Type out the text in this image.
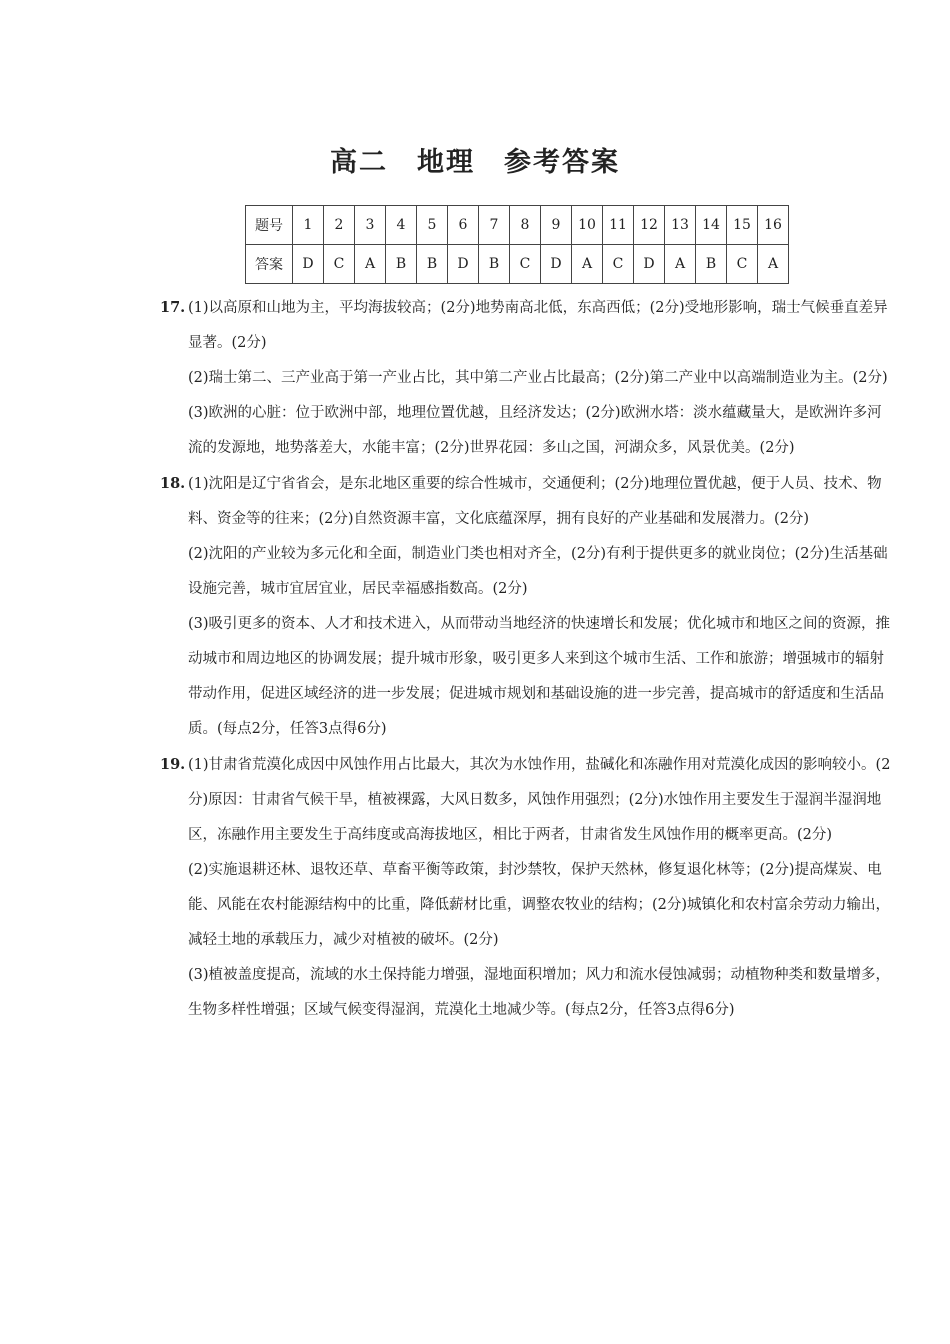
高二　地理　参考答案
题号	1	2	3	4	5	6	7	8	9	10	11	12	13	14	15	16
答案	D	C	A	B	B	D	B	C	D	A	C	D	A	B	C	A

17. (1)以高原和山地为主，平均海拔较高；(2分)地势南高北低，东高西低；(2分)受地形影响，瑞士气候垂直差异显著。(2分)

(2)瑞士第二、三产业高于第一产业占比，其中第二产业占比最高；(2分)第二产业中以高端制造业为主。(2分)

(3)欧洲的心脏：位于欧洲中部，地理位置优越，且经济发达；(2分)欧洲水塔：淡水蕴藏量大，是欧洲许多河流的发源地，地势落差大，水能丰富；(2分)世界花园：多山之国，河湖众多，风景优美。(2分)

18. (1)沈阳是辽宁省省会，是东北地区重要的综合性城市，交通便利；(2分)地理位置优越，便于人员、技术、物料、资金等的往来；(2分)自然资源丰富，文化底蕴深厚，拥有良好的产业基础和发展潜力。(2分)

(2)沈阳的产业较为多元化和全面，制造业门类也相对齐全，(2分)有利于提供更多的就业岗位；(2分)生活基础设施完善，城市宜居宜业，居民幸福感指数高。(2分)

(3)吸引更多的资本、人才和技术进入，从而带动当地经济的快速增长和发展；优化城市和地区之间的资源，推动城市和周边地区的协调发展；提升城市形象，吸引更多人来到这个城市生活、工作和旅游；增强城市的辐射带动作用，促进区域经济的进一步发展；促进城市规划和基础设施的进一步完善，提高城市的舒适度和生活品质。(每点2分，任答3点得6分)

19. (1)甘肃省荒漠化成因中风蚀作用占比最大，其次为水蚀作用，盐碱化和冻融作用对荒漠化成因的影响较小。(2分)原因：甘肃省气候干旱，植被裸露，大风日数多，风蚀作用强烈；(2分)水蚀作用主要发生于湿润半湿润地区，冻融作用主要发生于高纬度或高海拔地区，相比于两者，甘肃省发生风蚀作用的概率更高。(2分)

(2)实施退耕还林、退牧还草、草畜平衡等政策，封沙禁牧，保护天然林，修复退化林等；(2分)提高煤炭、电能、风能在农村能源结构中的比重，降低薪材比重，调整农牧业的结构；(2分)城镇化和农村富余劳动力输出，减轻土地的承载压力，减少对植被的破坏。(2分)

(3)植被盖度提高，流域的水土保持能力增强，湿地面积增加；风力和流水侵蚀减弱；动植物种类和数量增多，生物多样性增强；区域气候变得湿润，荒漠化土地减少等。(每点2分，任答3点得6分)
